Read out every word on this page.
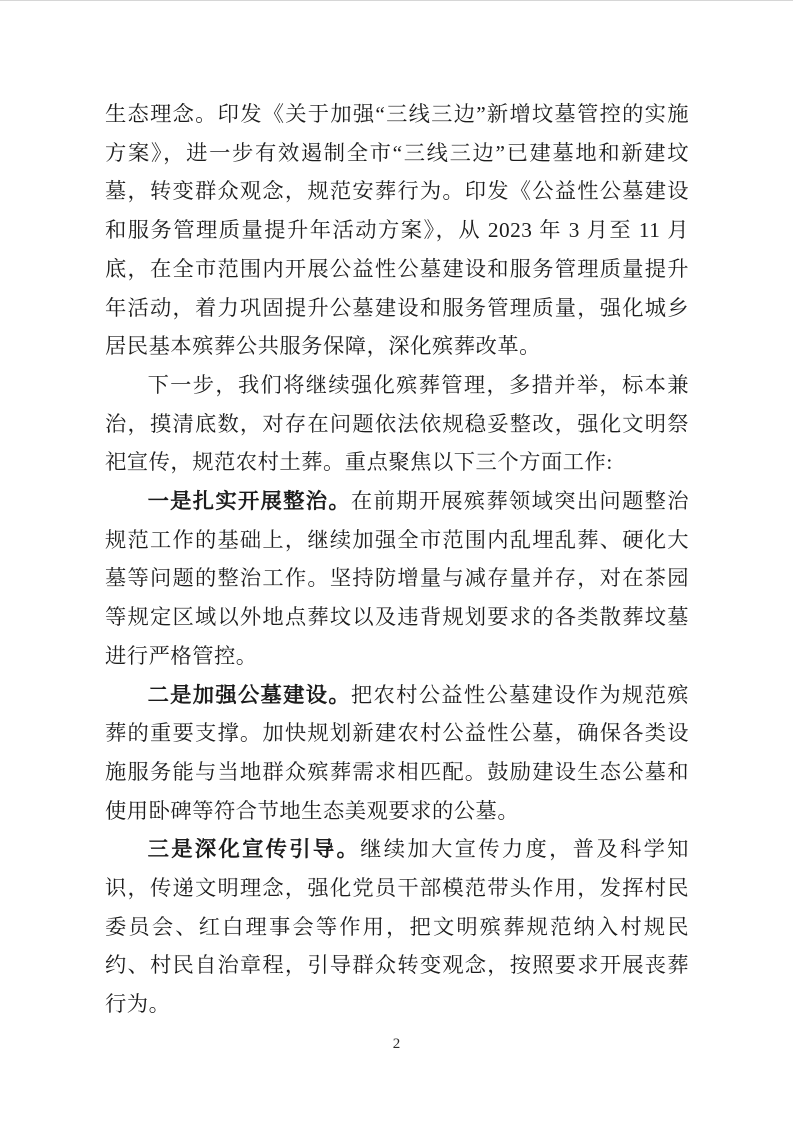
生态理念。印发《关于加强“三线三边”新增坟墓管控的实施方案》，进一步有效遏制全市“三线三边”已建墓地和新建坟墓，转变群众观念，规范安葬行为。印发《公益性公墓建设和服务管理质量提升年活动方案》，从 2023 年 3 月至 11 月底，在全市范围内开展公益性公墓建设和服务管理质量提升年活动，着力巩固提升公墓建设和服务管理质量，强化城乡居民基本殡葬公共服务保障，深化殡葬改革。

下一步，我们将继续强化殡葬管理，多措并举，标本兼治，摸清底数，对存在问题依法依规稳妥整改，强化文明祭祀宣传，规范农村土葬。重点聚焦以下三个方面工作:

一是扎实开展整治。在前期开展殡葬领域突出问题整治规范工作的基础上，继续加强全市范围内乱埋乱葬、硬化大墓等问题的整治工作。坚持防增量与减存量并存，对在茶园等规定区域以外地点葬坟以及违背规划要求的各类散葬坟墓进行严格管控。

二是加强公墓建设。把农村公益性公墓建设作为规范殡葬的重要支撑。加快规划新建农村公益性公墓，确保各类设施服务能与当地群众殡葬需求相匹配。鼓励建设生态公墓和使用卧碑等符合节地生态美观要求的公墓。

三是深化宣传引导。继续加大宣传力度，普及科学知识，传递文明理念，强化党员干部模范带头作用，发挥村民委员会、红白理事会等作用，把文明殡葬规范纳入村规民约、村民自治章程，引导群众转变观念，按照要求开展丧葬行为。

2
